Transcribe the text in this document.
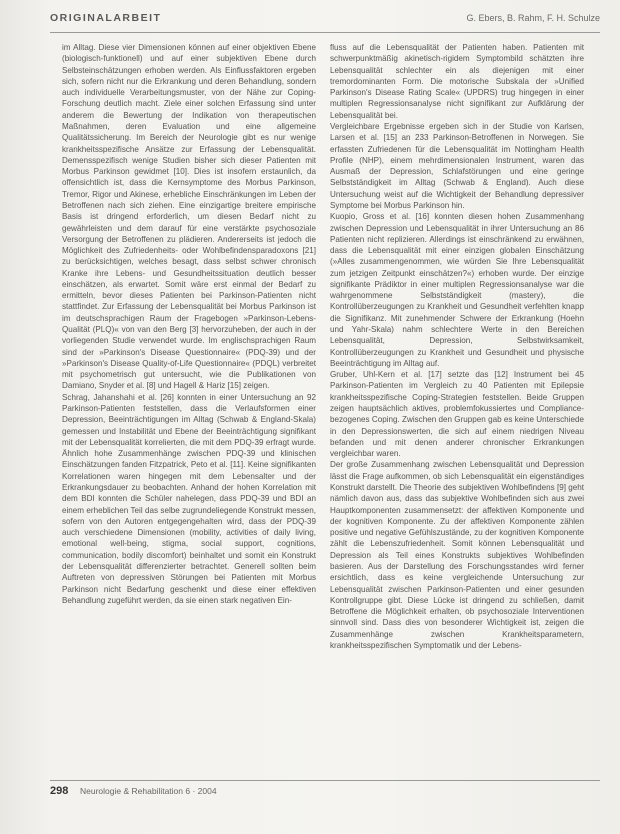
ORIGINALARBEIT	G. Ebers, B. Rahm, F. H. Schulze

im Alltag. Diese vier Dimensionen können auf einer objektiven Ebene (biologisch-funktionell) und auf einer subjektiven Ebene durch Selbsteinschätzungen erhoben werden. Als Einflussfaktoren ergeben sich, sofern nicht nur die Erkrankung und deren Behandlung, sondern auch individuelle Verarbeitungsmuster, von der Nähe zur Coping-Forschung deutlich macht. Ziele einer solchen Erfassung sind unter anderem die Bewertung der Indikation von therapeutischen Maßnahmen, deren Evaluation und eine allgemeine Qualitätssicherung. Im Bereich der Neurologie gibt es nur wenige krankheitsspezifische Ansätze zur Erfassung der Lebensqualität. Demensspezifisch wenige Studien bisher sich dieser Patienten mit Morbus Parkinson gewidmet [10]. Dies ist insofern erstaunlich, da offensichtlich ist, dass die Kernsymptome des Morbus Parkinson, Tremor, Rigor und Akinese, erhebliche Einschränkungen im Leben der Betroffenen nach sich ziehen. Eine einzigartige breitere empirische Basis ist dringend erforderlich, um diesen Bedarf nicht zu gewährleisten und dem darauf für eine verstärkte psychosoziale Versorgung der Betroffenen zu plädieren. Andererseits ist jedoch die Möglichkeit des Zufriedenheits- oder Wohlbefindensparadoxons [21] zu berücksichtigen, welches besagt, dass selbst schwer chronisch Kranke ihre Lebens- und Gesundheitssituation deutlich besser einschätzen, als erwartet. Somit wäre erst einmal der Bedarf zu ermitteln, bevor dieses Patienten bei Parkinson-Patienten nicht stattfindet. Zur Erfassung der Lebensqualität bei Morbus Parkinson ist im deutschsprachigen Raum der Fragebogen »Parkinson-Lebens-Qualität (PLQ)« von van den Berg [3] hervorzuheben, der auch in der vorliegenden Studie verwendet wurde. Im englischsprachigen Raum sind der »Parkinson's Disease Questionnaire« (PDQ-39) und der »Parkinson's Disease Quality-of-Life Questionnaire« (PDQL) verbreitet mit psychometrisch gut untersucht, wie die Publikationen von Damiano, Snyder et al. [8] und Hagell & Hariz [15] zeigen.

Schrag, Jahanshahi et al. [26] konnten in einer Untersuchung an 92 Parkinson-Patienten feststellen, dass die Verlaufsformen einer Depression, Beeinträchtigungen im Alltag (Schwab & England-Skala) gemessen und Instabilität und Ebene der Beeinträchtigung signifikant mit der Lebensqualität korrelierten, die mit dem PDQ-39 erfragt wurde. Ähnlich hohe Zusammenhänge zwischen PDQ-39 und klinischen Einschätzungen fanden Fitzpatrick, Peto et al. [11]. Keine signifikanten Korrelationen waren hingegen mit dem Lebensalter und der Erkrankungsdauer zu beobachten. Anhand der hohen Korrelation mit dem BDI konnten die Schüler nahelegen, dass PDQ-39 und BDI an einem erheblichen Teil das selbe zugrundeliegende Konstrukt messen, sofern von den Autoren entgegengehalten wird, dass der PDQ-39 auch verschiedene Dimensionen (mobility, activities of daily living, emotional well-being, stigma, social support, cognitions, communication, bodily discomfort) beinhaltet und somit ein Konstrukt der Lebensqualität differenzierter betrachtet. Generell sollten beim Auftreten von depressiven Störungen bei Patienten mit Morbus Parkinson nicht Bedarfung geschenkt und diese einer effektiven Behandlung zugeführt werden, da sie einen stark negativen Ein-

fluss auf die Lebensqualität der Patienten haben. Patienten mit schwerpunktmäßig akinetisch-rigidem Symptombild schätzten ihre Lebensqualität schlechter ein als diejenigen mit einer tremordominanten Form. Die motorische Subskala der »Unified Parkinson's Disease Rating Scale« (UPDRS) trug hingegen in einer multiplen Regressionsanalyse nicht signifikant zur Aufklärung der Lebensqualität bei.

Vergleichbare Ergebnisse ergeben sich in der Studie von Karlsen, Larsen et al. [15] an 233 Parkinson-Betroffenen in Norwegen. Sie erfassten Zufriedenen für die Lebensqualität im Nottingham Health Profile (NHP), einem mehrdimensionalen Instrument, waren das Ausmaß der Depression, Schlafstörungen und eine geringe Selbstständigkeit im Alltag (Schwab & England). Auch diese Untersuchung weist auf die Wichtigkeit der Behandlung depressiver Symptome bei Morbus Parkinson hin.

Kuopio, Gross et al. [16] konnten diesen hohen Zusammenhang zwischen Depression und Lebensqualität in ihrer Untersuchung an 86 Patienten nicht replizieren. Allerdings ist einschränkend zu erwähnen, dass die Lebensqualität mit einer einzigen globalen Einschätzung (»Alles zusammengenommen, wie würden Sie Ihre Lebensqualität zum jetzigen Zeitpunkt einschätzen?«) erhoben wurde. Der einzige signifikante Prädiktor in einer multiplen Regressionsanalyse war die wahrgenommene Selbstständigkeit (mastery), die Kontrollüberzeugungen zu Krankheit und Gesundheit verfehlten knapp die Signifikanz. Mit zunehmender Schwere der Erkrankung (Hoehn und Yahr-Skala) nahm schlechtere Werte in den Bereichen Lebensqualität, Depression, Selbstwirksamkeit, Kontrollüberzeugungen zu Krankheit und Gesundheit und physische Beeinträchtigung im Alltag auf.

Gruber, Uhl-Kern et al. [17] setzte das [12] Instrument bei 45 Parkinson-Patienten im Vergleich zu 40 Patienten mit Epilepsie krankheitsspezifische Coping-Strategien feststellen. Beide Gruppen zeigen hauptsächlich aktives, problemfokussiertes und Compliance-bezogenes Coping. Zwischen den Gruppen gab es keine Unterschiede in den Depressionswerten, die sich auf einem niedrigen Niveau befanden und mit denen anderer chronischer Erkrankungen vergleichbar waren.

Der große Zusammenhang zwischen Lebensqualität und Depression lässt die Frage aufkommen, ob sich Lebensqualität ein eigenständiges Konstrukt darstellt. Die Theorie des subjektiven Wohlbefindens [9] geht nämlich davon aus, dass das subjektive Wohlbefinden sich aus zwei Hauptkomponenten zusammensetzt: der affektiven Komponente und der kognitiven Komponente. Zu der affektiven Komponente zählen positive und negative Gefühlszustände, zu der kognitiven Komponente zählt die Lebenszufriedenheit. Somit können Lebensqualität und Depression als Teil eines Konstrukts subjektives Wohlbefinden basieren. Aus der Darstellung des Forschungsstandes wird ferner ersichtlich, dass es keine vergleichende Untersuchung zur Lebensqualität zwischen Parkinson-Patienten und einer gesunden Kontrollgruppe gibt. Diese Lücke ist dringend zu schließen, damit Betroffene die Möglichkeit erhalten, ob psychosoziale Interventionen sinnvoll sind. Dass dies von besonderer Wichtigkeit ist, zeigen die Zusammenhänge zwischen Krankheitsparametern, krankheitsspezifischen Symptomatik und der Lebens-

298 Neurologie & Rehabilitation 6 · 2004
